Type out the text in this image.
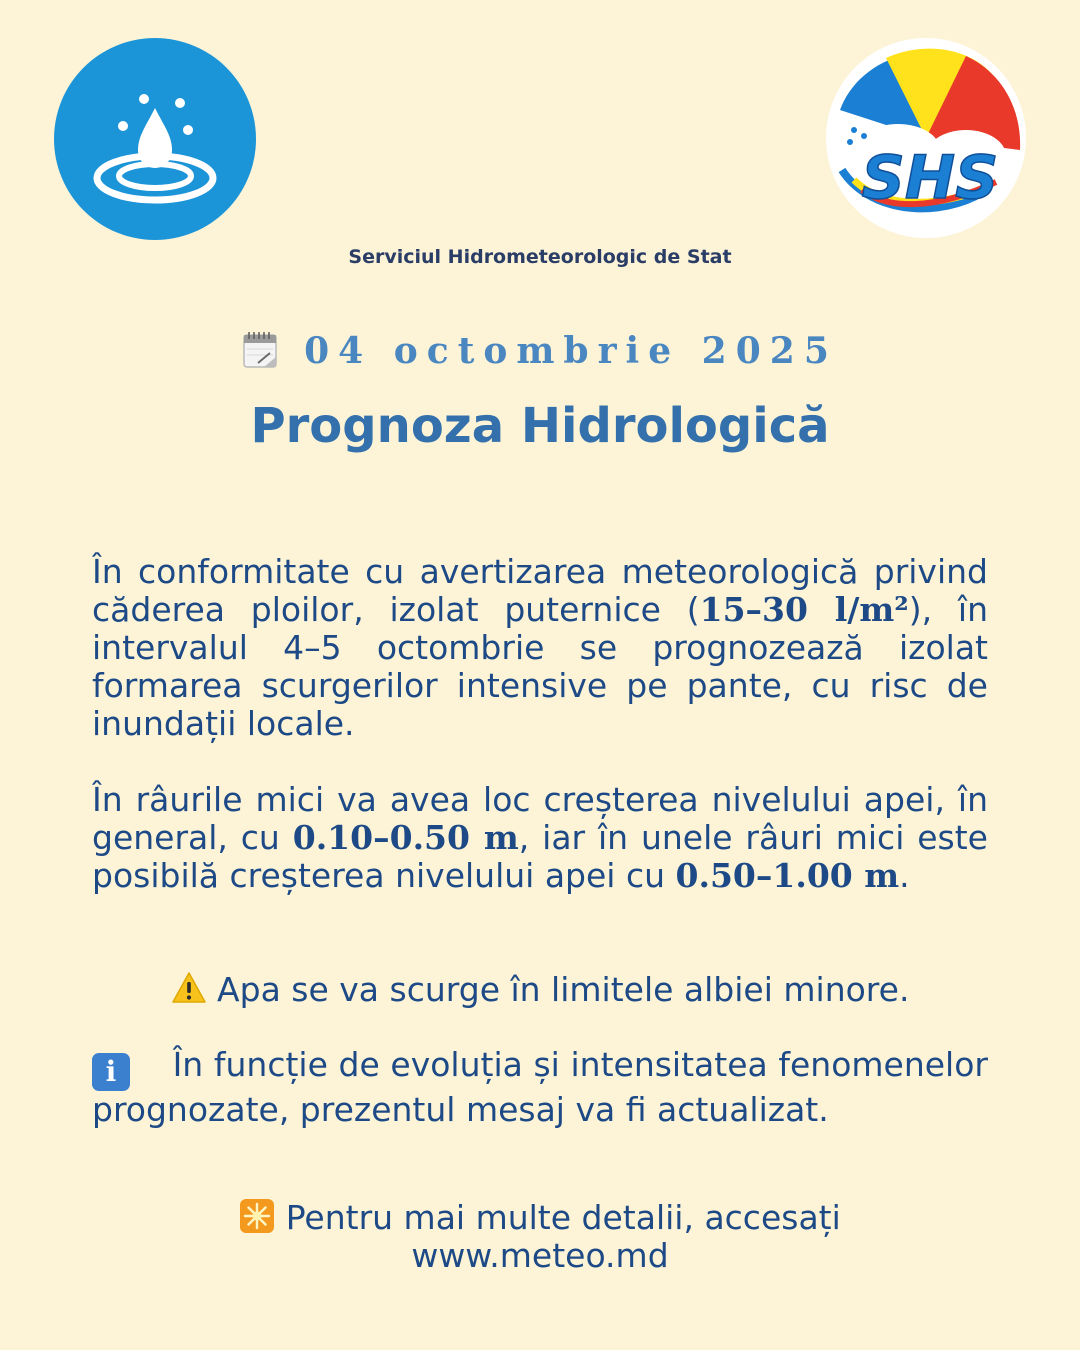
SHS
Serviciul Hidrometeorologic de Stat
04 octombrie 2025
Prognoza Hidrologică
În conformitate cu avertizarea meteorologică privind căderea ploilor, izolat puternice (15–30 l/m²), în intervalul 4–5 octombrie se prognozează izolat formarea scurgerilor intensive pe pante, cu risc de inundații locale.
În râurile mici va avea loc creșterea nivelului apei, în general, cu 0.10–0.50 m, iar în unele râuri mici este posibilă creșterea nivelului apei cu 0.50–1.00 m.
Apa se va scurge în limitele albiei minore.
i În funcție de evoluția și intensitatea fenomenelor prognozate, prezentul mesaj va fi actualizat.
Pentru mai multe detalii, accesați
www.meteo.md
